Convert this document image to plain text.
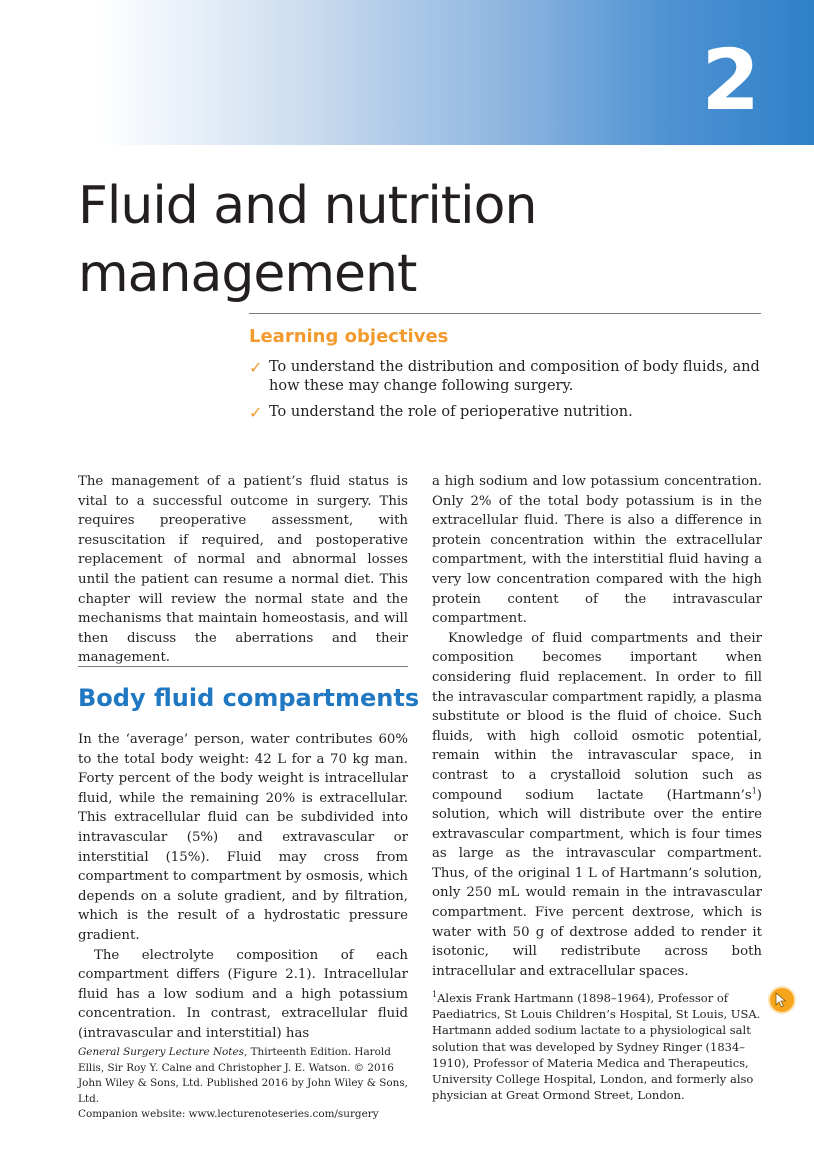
2
Fluid and nutrition
management
Learning objectives
✓ To understand the distribution and composition of body fluids, and how these may change following surgery.
✓ To understand the role of perioperative nutrition.

The management of a patient’s fluid status is vital to a successful outcome in surgery. This requires preoperative assessment, with resuscitation if required, and postoperative replacement of normal and abnormal losses until the patient can resume a normal diet. This chapter will review the normal state and the mechanisms that maintain homeostasis, and will then discuss the aberrations and their management.

Body fluid compartments

In the ‘average’ person, water contributes 60% to the total body weight: 42 L for a 70 kg man. Forty percent of the body weight is intracellular fluid, while the remaining 20% is extracellular. This extracellular fluid can be subdivided into intravascular (5%) and extravascular or interstitial (15%). Fluid may cross from compartment to compartment by osmosis, which depends on a solute gradient, and by filtration, which is the result of a hydrostatic pressure gradient.

The electrolyte composition of each compartment differs (Figure 2.1). Intracellular fluid has a low sodium and a high potassium concentration. In contrast, extracellular fluid (intravascular and interstitial) has

a high sodium and low potassium concentration. Only 2% of the total body potassium is in the extracellular fluid. There is also a difference in protein concentration within the extracellular compartment, with the interstitial fluid having a very low concentration compared with the high protein content of the intravascular compartment.

Knowledge of fluid compartments and their composition becomes important when considering fluid replacement. In order to fill the intravascular compartment rapidly, a plasma substitute or blood is the fluid of choice. Such fluids, with high colloid osmotic potential, remain within the intravascular space, in contrast to a crystalloid solution such as compound sodium lactate $(Hartmann’s^1)$ solution, which will distribute over the entire extravascular compartment, which is four times as large as the intravascular compartment. Thus, of the original 1 L of Hartmann’s solution, only 250 mL would remain in the intravascular compartment. Five percent dextrose, which is water with 50 g of dextrose added to render it isotonic, will redistribute across both intracellular and extracellular spaces.

$^1$Alexis Frank Hartmann (1898–1964), Professor of Paediatrics, St Louis Children’s Hospital, St Louis, USA. Hartmann added sodium lactate to a physiological salt solution that was developed by Sydney Ringer (1834–1910), Professor of Materia Medica and Therapeutics, University College Hospital, London, and formerly also physician at Great Ormond Street, London.

General Surgery Lecture Notes, Thirteenth Edition. Harold Ellis, Sir Roy Y. Calne and Christopher J. E. Watson. © 2016 John Wiley & Sons, Ltd. Published 2016 by John Wiley & Sons, Ltd.

Companion website: www.lecturenoteseries.com/surgery
